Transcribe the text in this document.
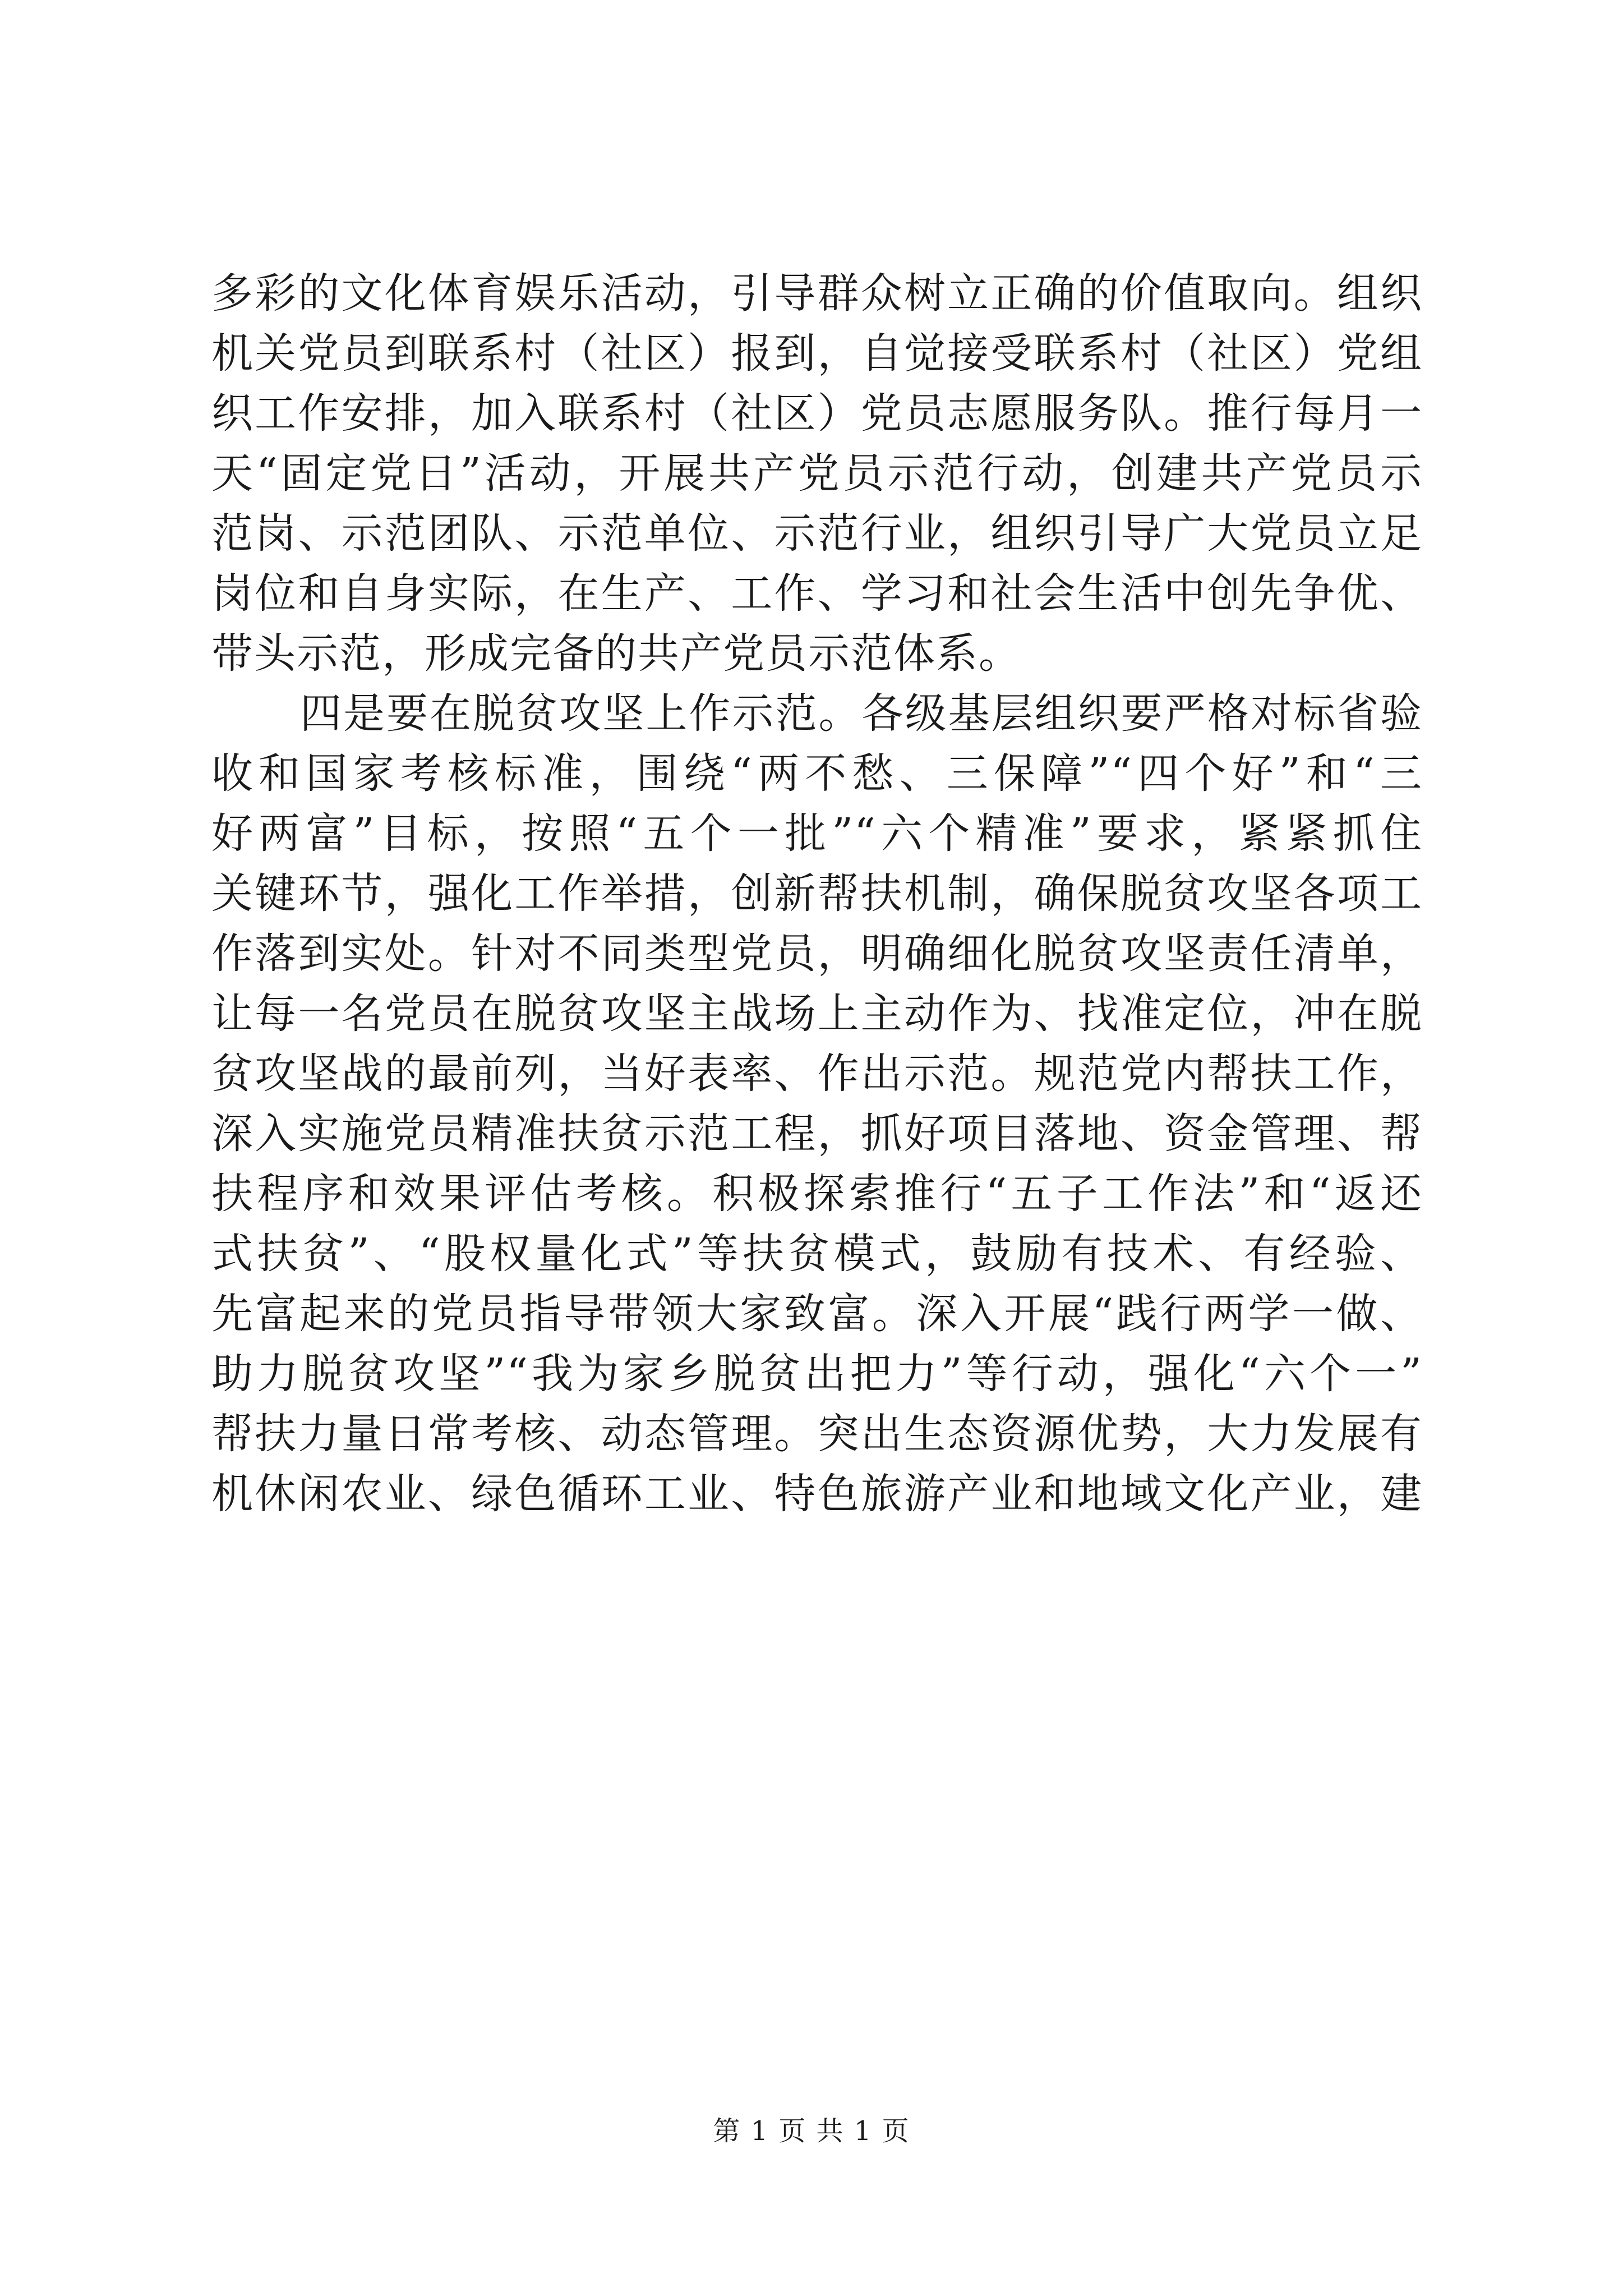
多彩的文化体育娱乐活动，引导群众树立正确的价值取向。组织
机关党员到联系村（社区）报到，自觉接受联系村（社区）党组
织工作安排，加入联系村（社区）党员志愿服务队。推行每月一
天“固定党日”活动，开展共产党员示范行动，创建共产党员示
范岗、示范团队、示范单位、示范行业，组织引导广大党员立足
岗位和自身实际，在生产、工作、学习和社会生活中创先争优、
带头示范，形成完备的共产党员示范体系。
四是要在脱贫攻坚上作示范。各级基层组织要严格对标省验
收和国家考核标准，围绕“两不愁、三保障”“四个好”和“三
好两富”目标，按照“五个一批”“六个精准”要求，紧紧抓住
关键环节，强化工作举措，创新帮扶机制，确保脱贫攻坚各项工
作落到实处。针对不同类型党员，明确细化脱贫攻坚责任清单，
让每一名党员在脱贫攻坚主战场上主动作为、找准定位，冲在脱
贫攻坚战的最前列，当好表率、作出示范。规范党内帮扶工作，
深入实施党员精准扶贫示范工程，抓好项目落地、资金管理、帮
扶程序和效果评估考核。积极探索推行“五子工作法”和“返还
式扶贫”、“股权量化式”等扶贫模式，鼓励有技术、有经验、
先富起来的党员指导带领大家致富。深入开展“践行两学一做、
助力脱贫攻坚”“我为家乡脱贫出把力”等行动，强化“六个一”
帮扶力量日常考核、动态管理。突出生态资源优势，大力发展有
机休闲农业、绿色循环工业、特色旅游产业和地域文化产业，建
第 1 页 共 1 页
